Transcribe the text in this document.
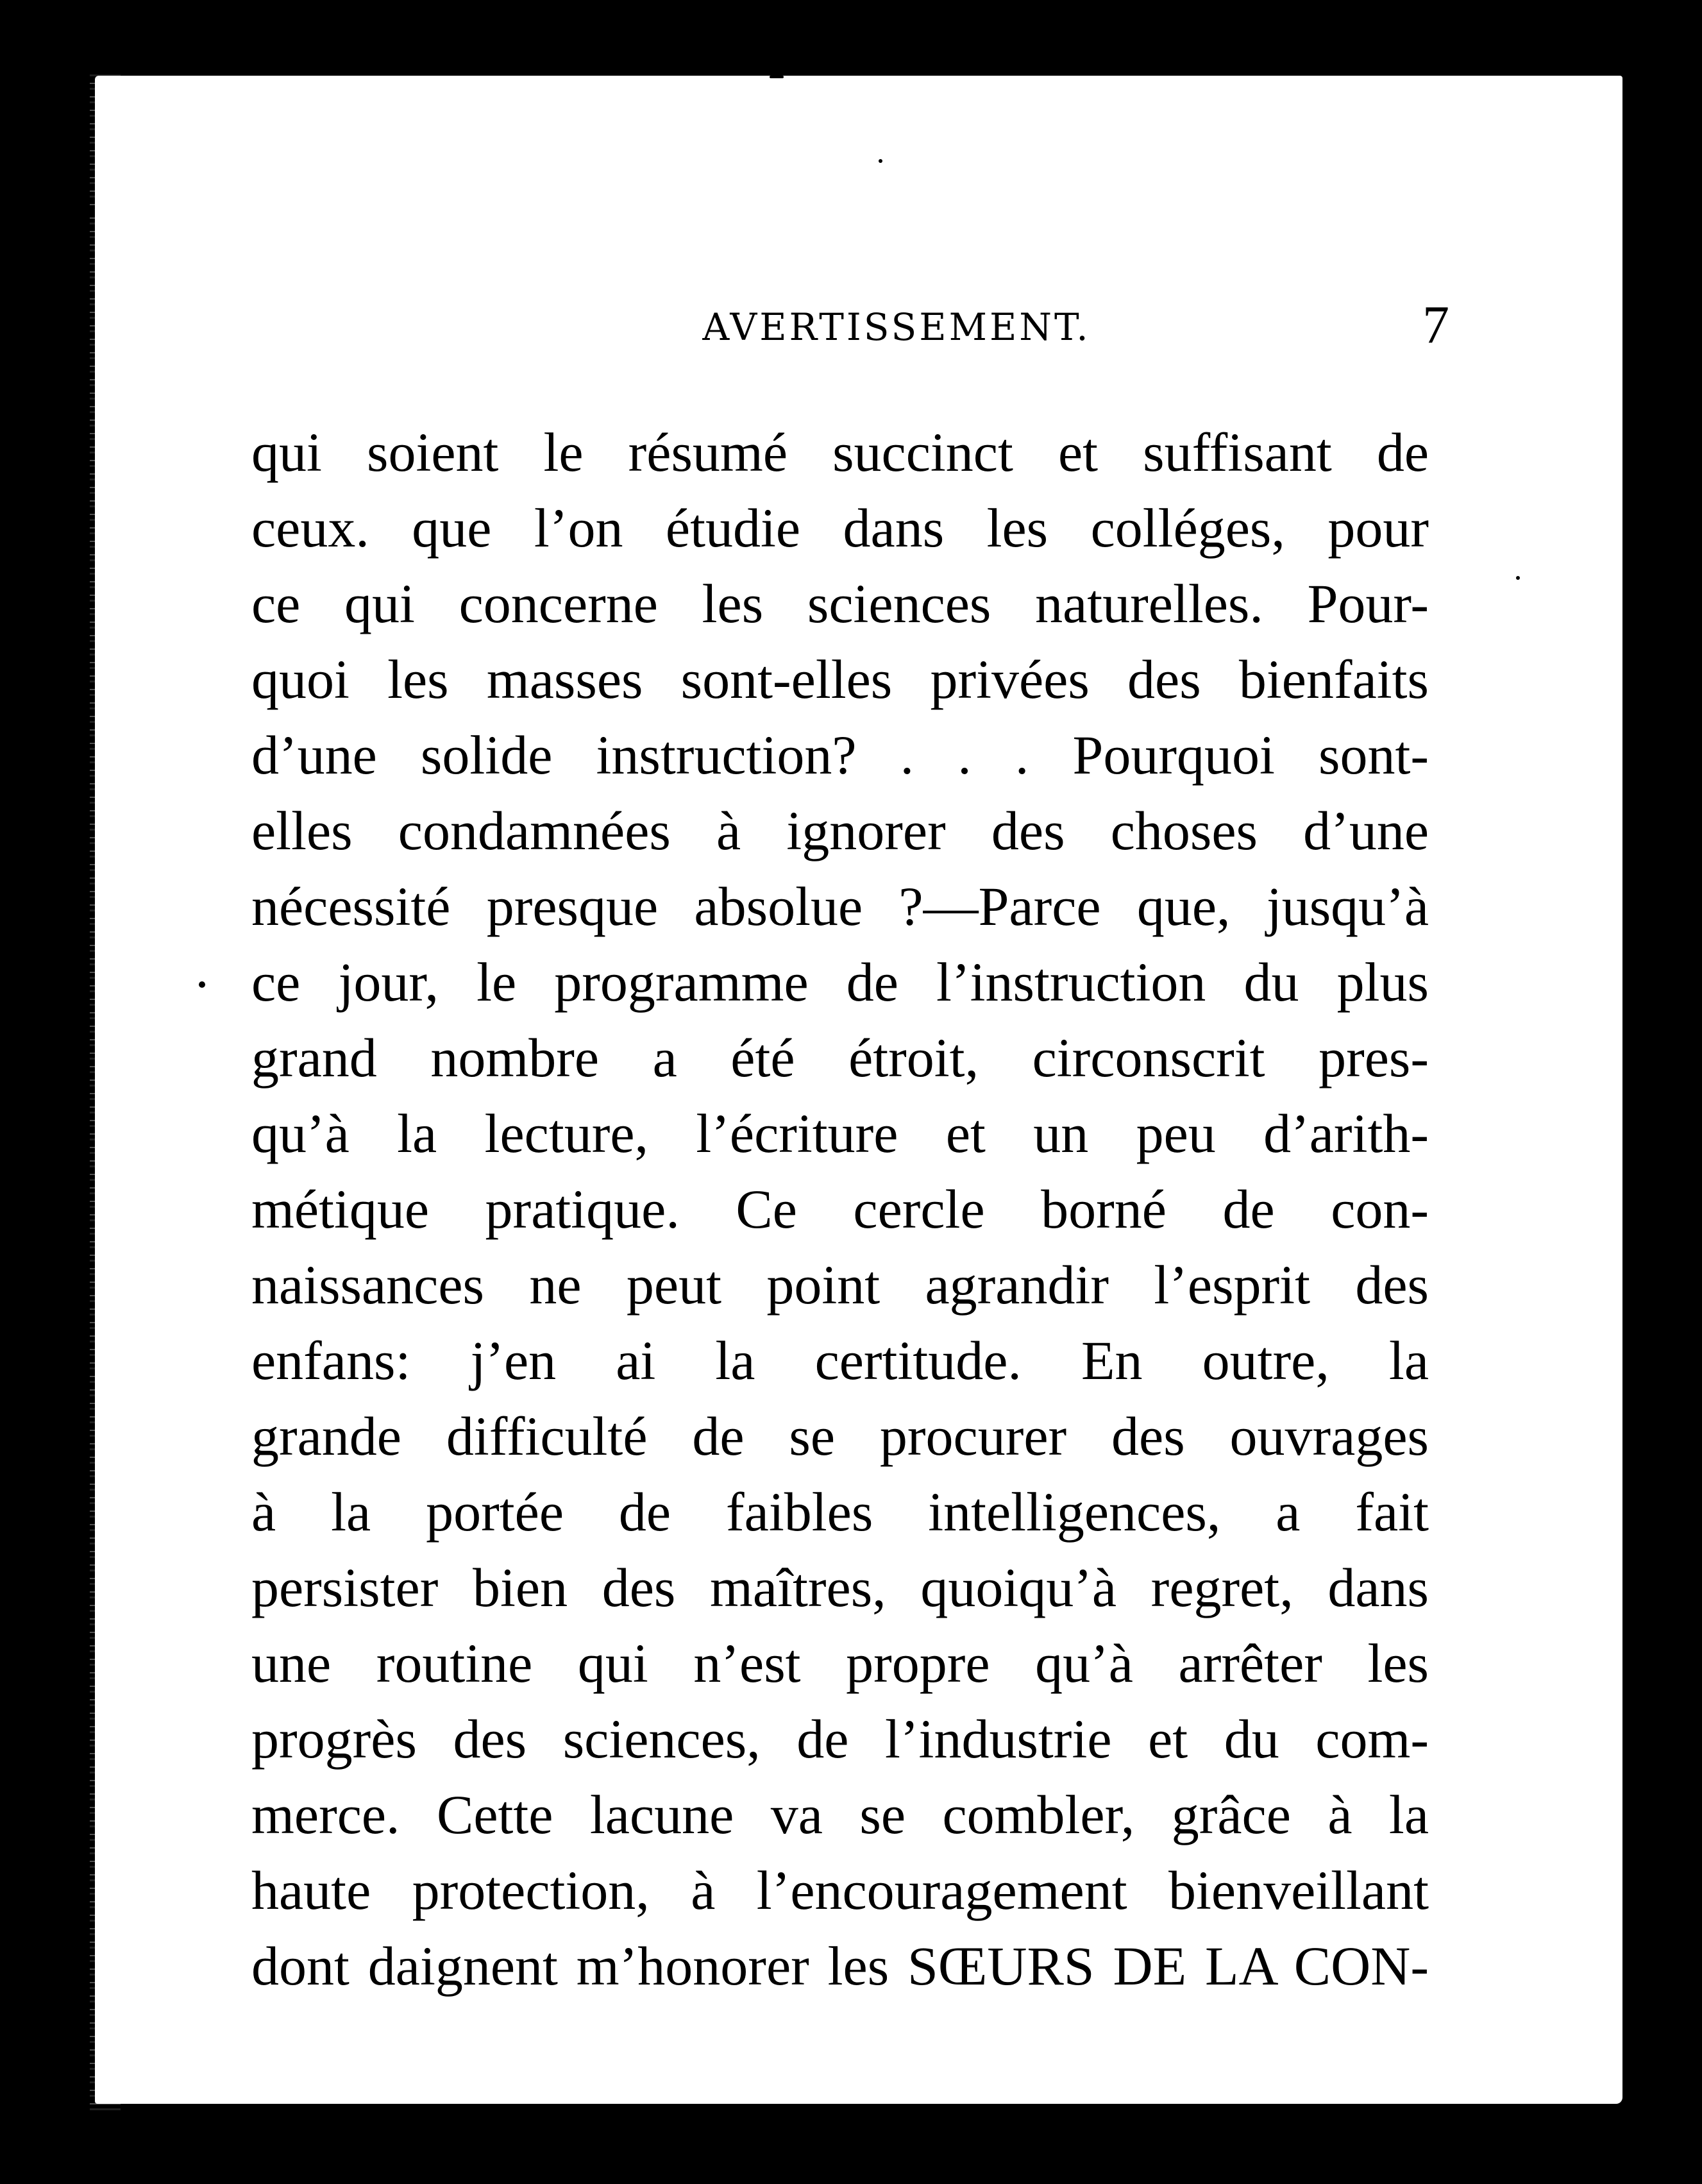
AVERTISSEMENT.	7
qui soient le résumé succinct et suffisant de
ceux. que l’on étudie dans les colléges, pour
ce qui concerne les sciences naturelles. Pour-
quoi les masses sont-elles privées des bienfaits
d’une solide instruction? . . . Pourquoi sont-
elles condamnées à ignorer des choses d’une
nécessité presque absolue ?—Parce que, jusqu’à
ce jour, le programme de l’instruction du plus
grand nombre a été étroit, circonscrit pres-
qu’à la lecture, l’écriture et un peu d’arith-
métique pratique. Ce cercle borné de con-
naissances ne peut point agrandir l’esprit des
enfans: j’en ai la certitude. En outre, la
grande difficulté de se procurer des ouvrages
à la portée de faibles intelligences, a fait
persister bien des maîtres, quoiqu’à regret, dans
une routine qui n’est propre qu’à arrêter les
progrès des sciences, de l’industrie et du com-
merce. Cette lacune va se combler, grâce à la
haute protection, à l’encouragement bienveillant
dont daignent m’honorer les SŒURS DE LA CON-
